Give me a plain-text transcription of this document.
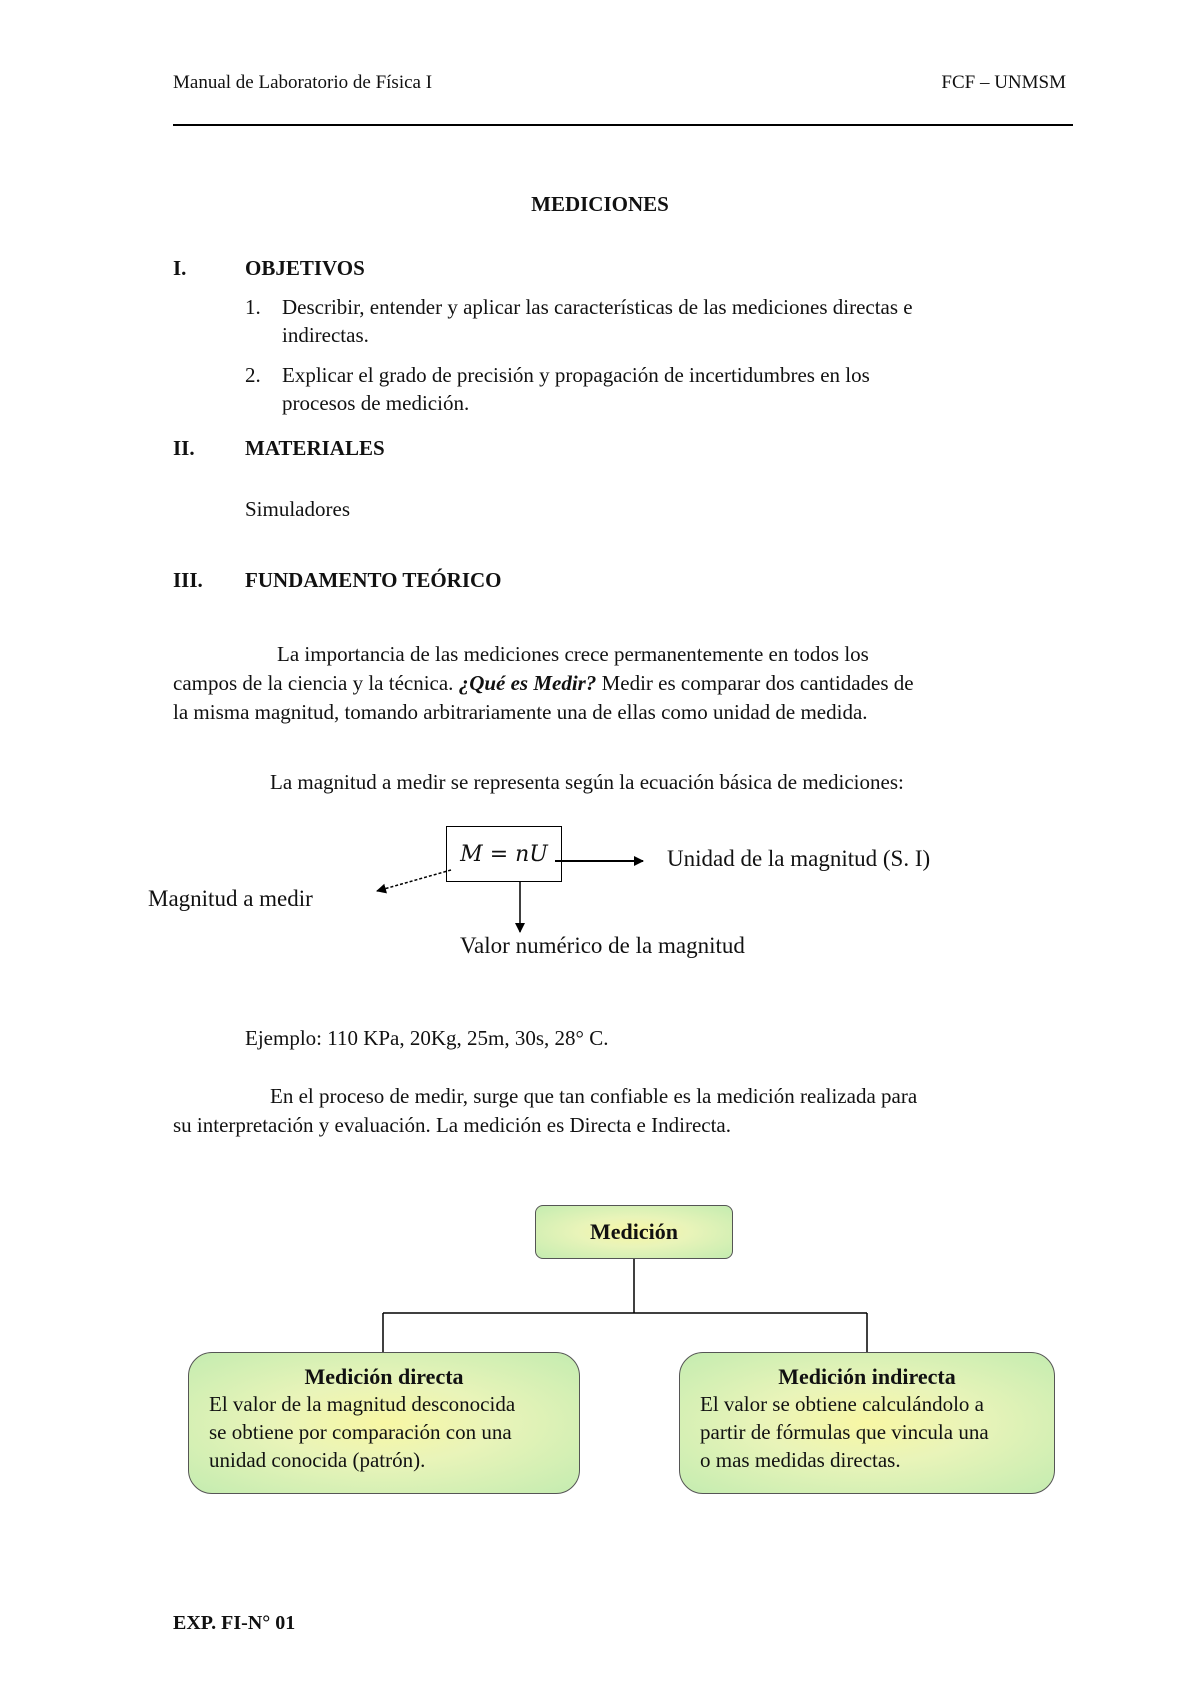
Manual de Laboratorio de Física I	FCF – UNMSM
MEDICIONES
I.	OBJETIVOS
1. Describir, entender y aplicar las características de las mediciones directas e
indirectas.
2. Explicar el grado de precisión y propagación de incertidumbres en los
procesos de medición.
II. MATERIALES
Simuladores
III. FUNDAMENTO TEÓRICO
La importancia de las mediciones crece permanentemente en todos los
campos de la ciencia y la técnica. ¿Qué es Medir? Medir es comparar dos cantidades de
la misma magnitud, tomando arbitrariamente una de ellas como unidad de medida.
La magnitud a medir se representa según la ecuación básica de mediciones:
M = nU	Unidad de la magnitud (S. I)
Magnitud a medir
Valor numérico de la magnitud
Ejemplo: 110 KPa, 20Kg, 25m, 30s, 28° C.
En el proceso de medir, surge que tan confiable es la medición realizada para
su interpretación y evaluación. La medición es Directa e Indirecta.
Medición
Medición directa
El valor de la magnitud desconocida
se obtiene por comparación con una
unidad conocida (patrón).
Medición indirecta
El valor se obtiene calculándolo a
partir de fórmulas que vincula una
o mas medidas directas.
EXP. FI-N° 01
